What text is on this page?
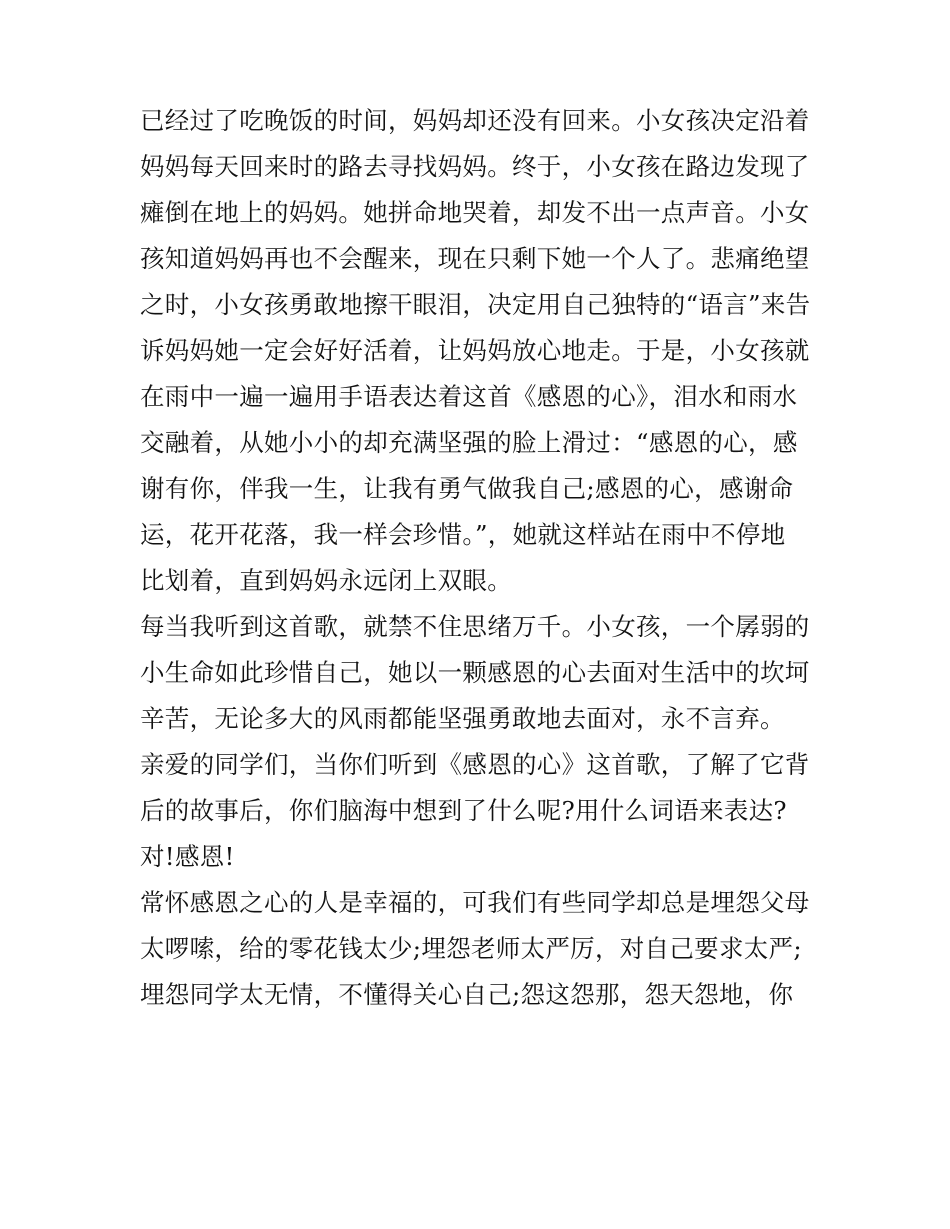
已经过了吃晚饭的时间，妈妈却还没有回来。小女孩决定沿着
妈妈每天回来时的路去寻找妈妈。终于，小女孩在路边发现了
瘫倒在地上的妈妈。她拼命地哭着，却发不出一点声音。小女
孩知道妈妈再也不会醒来，现在只剩下她一个人了。悲痛绝望
之时，小女孩勇敢地擦干眼泪，决定用自己独特的“语言”来告
诉妈妈她一定会好好活着，让妈妈放心地走。于是，小女孩就
在雨中一遍一遍用手语表达着这首《感恩的心》，泪水和雨水
交融着，从她小小的却充满坚强的脸上滑过：“感恩的心，感
谢有你，伴我一生，让我有勇气做我自己;感恩的心，感谢命
运，花开花落，我一样会珍惜。”，她就这样站在雨中不停地
比划着，直到妈妈永远闭上双眼。
每当我听到这首歌，就禁不住思绪万千。小女孩，一个孱弱的
小生命如此珍惜自己，她以一颗感恩的心去面对生活中的坎坷
辛苦，无论多大的风雨都能坚强勇敢地去面对，永不言弃。
亲爱的同学们，当你们听到《感恩的心》这首歌，了解了它背
后的故事后，你们脑海中想到了什么呢?用什么词语来表达?
对!感恩!
常怀感恩之心的人是幸福的，可我们有些同学却总是埋怨父母
太啰嗦，给的零花钱太少;埋怨老师太严厉，对自己要求太严;
埋怨同学太无情，不懂得关心自己;怨这怨那，怨天怨地，你
